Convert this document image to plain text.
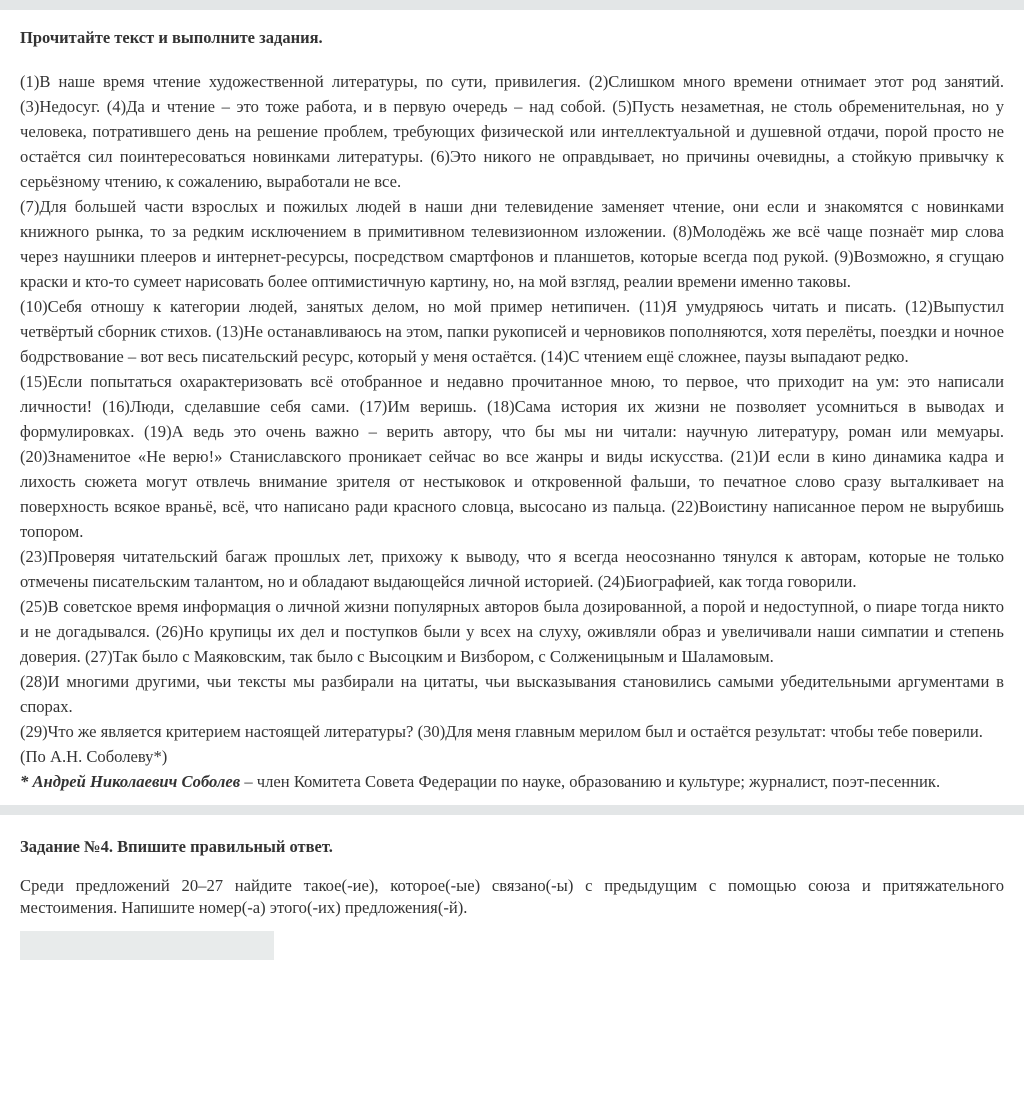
Прочитайте текст и выполните задания.

(1)В наше время чтение художественной литературы, по сути, привилегия. (2)Слишком много времени отнимает этот род занятий. (3)Недосуг. (4)Да и чтение – это тоже работа, и в первую очередь – над собой. (5)Пусть незаметная, не столь обременительная, но у человека, потратившего день на решение проблем, требующих физической или интеллектуальной и душевной отдачи, порой просто не остаётся сил поинтересоваться новинками литературы. (6)Это никого не оправдывает, но причины очевидны, а стойкую привычку к серьёзному чтению, к сожалению, выработали не все.

(7)Для большей части взрослых и пожилых людей в наши дни телевидение заменяет чтение, они если и знакомятся с новинками книжного рынка, то за редким исключением в примитивном телевизионном изложении. (8)Молодёжь же всё чаще познаёт мир слова через наушники плееров и интернет-ресурсы, посредством смартфонов и планшетов, которые всегда под рукой. (9)Возможно, я сгущаю краски и кто-то сумеет нарисовать более оптимистичную картину, но, на мой взгляд, реалии времени именно таковы.

(10)Себя отношу к категории людей, занятых делом, но мой пример нетипичен. (11)Я умудряюсь читать и писать. (12)Выпустил четвёртый сборник стихов. (13)Не останавливаюсь на этом, папки рукописей и черновиков пополняются, хотя перелёты, поездки и ночное бодрствование – вот весь писательский ресурс, который у меня остаётся. (14)С чтением ещё сложнее, паузы выпадают редко.

(15)Если попытаться охарактеризовать всё отобранное и недавно прочитанное мною, то первое, что приходит на ум: это написали личности! (16)Люди, сделавшие себя сами. (17)Им веришь. (18)Сама история их жизни не позволяет усомниться в выводах и формулировках. (19)А ведь это очень важно – верить автору, что бы мы ни читали: научную литературу, роман или мемуары. (20)Знаменитое «Не верю!» Станиславского проникает сейчас во все жанры и виды искусства. (21)И если в кино динамика кадра и лихость сюжета могут отвлечь внимание зрителя от нестыковок и откровенной фальши, то печатное слово сразу выталкивает на поверхность всякое враньё, всё, что написано ради красного словца, высосано из пальца. (22)Воистину написанное пером не вырубишь топором.

(23)Проверяя читательский багаж прошлых лет, прихожу к выводу, что я всегда неосознанно тянулся к авторам, которые не только отмечены писательским талантом, но и обладают выдающейся личной историей. (24)Биографией, как тогда говорили.

(25)В советское время информация о личной жизни популярных авторов была дозированной, а порой и недоступной, о пиаре тогда никто и не догадывался. (26)Но крупицы их дел и поступков были у всех на слуху, оживляли образ и увеличивали наши симпатии и степень доверия. (27)Так было с Маяковским, так было с Высоцким и Визбором, с Солженицыным и Шаламовым.

(28)И многими другими, чьи тексты мы разбирали на цитаты, чьи высказывания становились самыми убедительными аргументами в спорах.

(29)Что же является критерием настоящей литературы? (30)Для меня главным мерилом был и остаётся результат: чтобы тебе поверили.

(По А.Н. Соболеву*)

* Андрей Николаевич Соболев – член Комитета Совета Федерации по науке, образованию и культуре; журналист, поэт-песенник.

Задание №4. Впишите правильный ответ.

Среди предложений 20–27 найдите такое(-ие), которое(-ые) связано(-ы) с предыдущим с помощью союза и притяжательного местоимения. Напишите номер(-а) этого(-их) предложения(-й).
